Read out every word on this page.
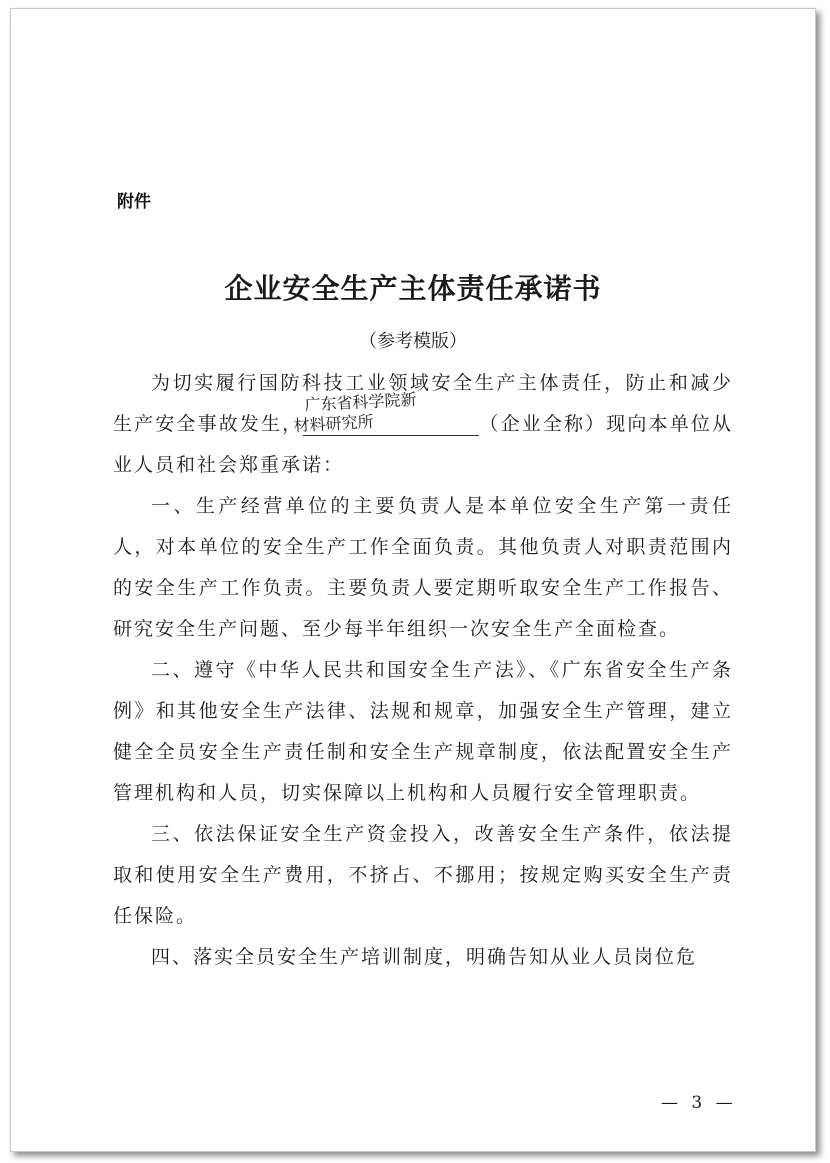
附件
企业安全生产主体责任承诺书
（参考模版）

为切实履行国防科技工业领域安全生产主体责任，防止和减少生产安全事故发生，
广东省科学院新
材料研究所	（企业全称）现向本单位从业人员和社会郑重承诺：

一、生产经营单位的主要负责人是本单位安全生产第一责任人，对本单位的安全生产工作全面负责。其他负责人对职责范围内的安全生产工作负责。主要负责人要定期听取安全生产工作报告、研究安全生产问题、至少每半年组织一次安全生产全面检查。

二、遵守《中华人民共和国安全生产法》、《广东省安全生产条例》和其他安全生产法律、法规和规章，加强安全生产管理，建立健全全员安全生产责任制和安全生产规章制度，依法配置安全生产管理机构和人员，切实保障以上机构和人员履行安全管理职责。

三、依法保证安全生产资金投入，改善安全生产条件，依法提取和使用安全生产费用，不挤占、不挪用；按规定购买安全生产责任保险。

四、落实全员安全生产培训制度，明确告知从业人员岗位危

— 3 —
